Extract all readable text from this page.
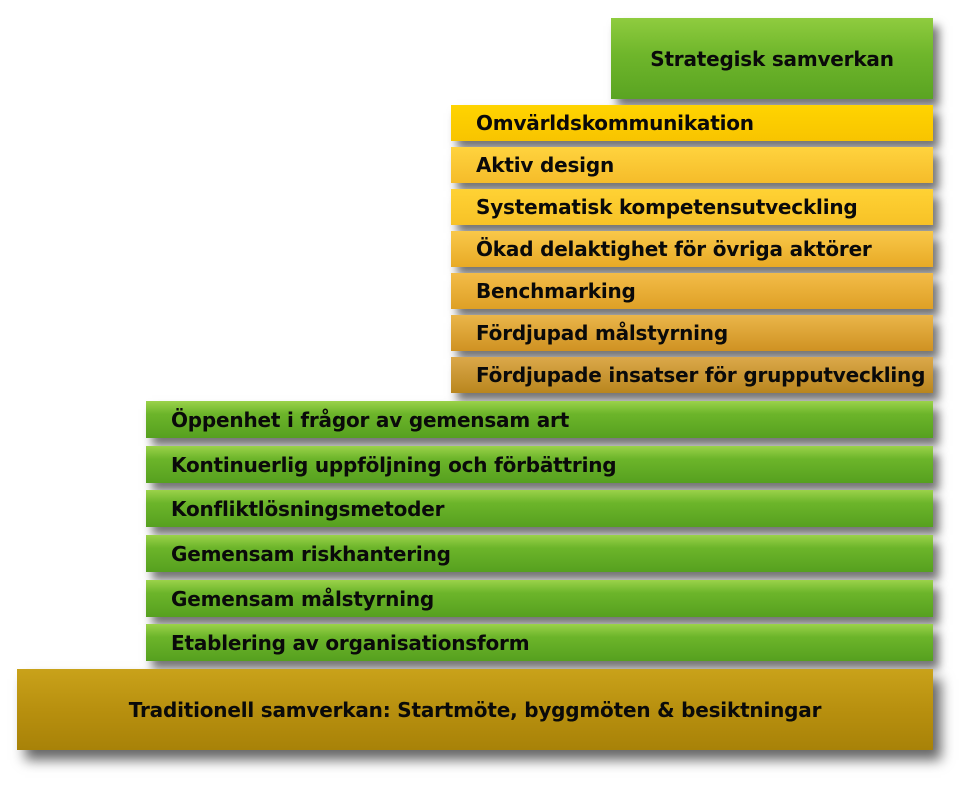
Strategisk samverkan
Omvärldskommunikation
Aktiv design
Systematisk kompetensutveckling
Ökad delaktighet för övriga aktörer
Benchmarking
Fördjupad målstyrning
Fördjupade insatser för grupputveckling
Öppenhet i frågor av gemensam art
Kontinuerlig uppföljning och förbättring
Konfliktlösningsmetoder
Gemensam riskhantering
Gemensam målstyrning
Etablering av organisationsform
Traditionell samverkan: Startmöte, byggmöten & besiktningar
